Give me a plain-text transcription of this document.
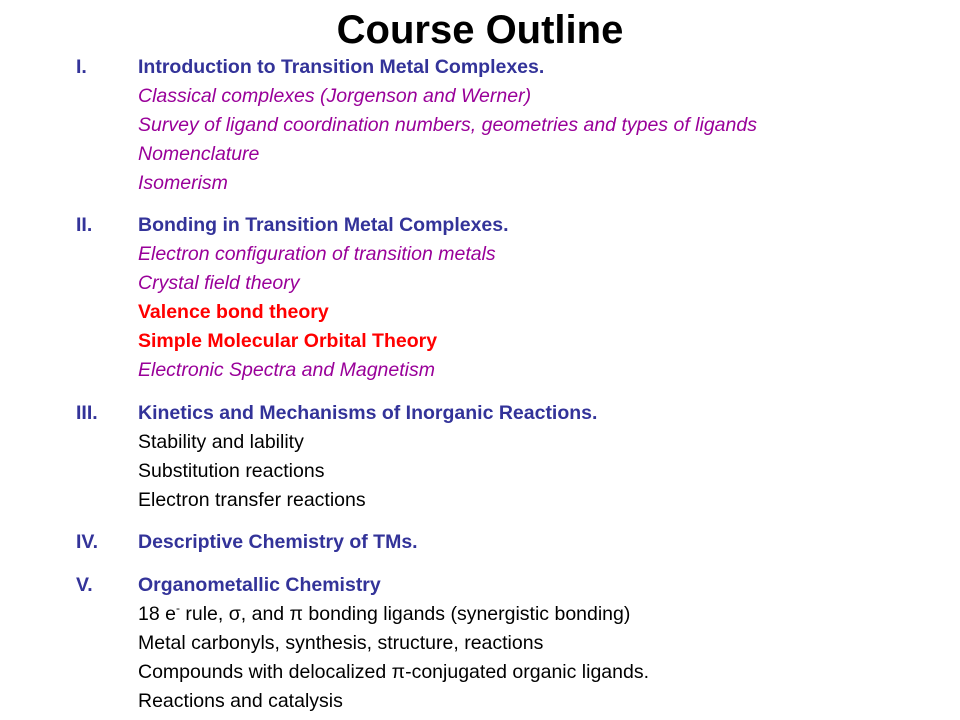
Course Outline
I.	Introduction to Transition Metal Complexes.
Classical complexes (Jorgenson and Werner)
Survey of ligand coordination numbers, geometries and types of ligands
Nomenclature
Isomerism
II. Bonding in Transition Metal Complexes.
Electron configuration of transition metals
Crystal field theory
Valence bond theory
Simple Molecular Orbital Theory
Electronic Spectra and Magnetism
III. Kinetics and Mechanisms of Inorganic Reactions.
Stability and lability
Substitution reactions
Electron transfer reactions
IV. Descriptive Chemistry of TMs.
V. Organometallic Chemistry
18 e- rule, σ, and π bonding ligands (synergistic bonding)
Metal carbonyls, synthesis, structure, reactions
Compounds with delocalized π-conjugated organic ligands.
Reactions and catalysis
